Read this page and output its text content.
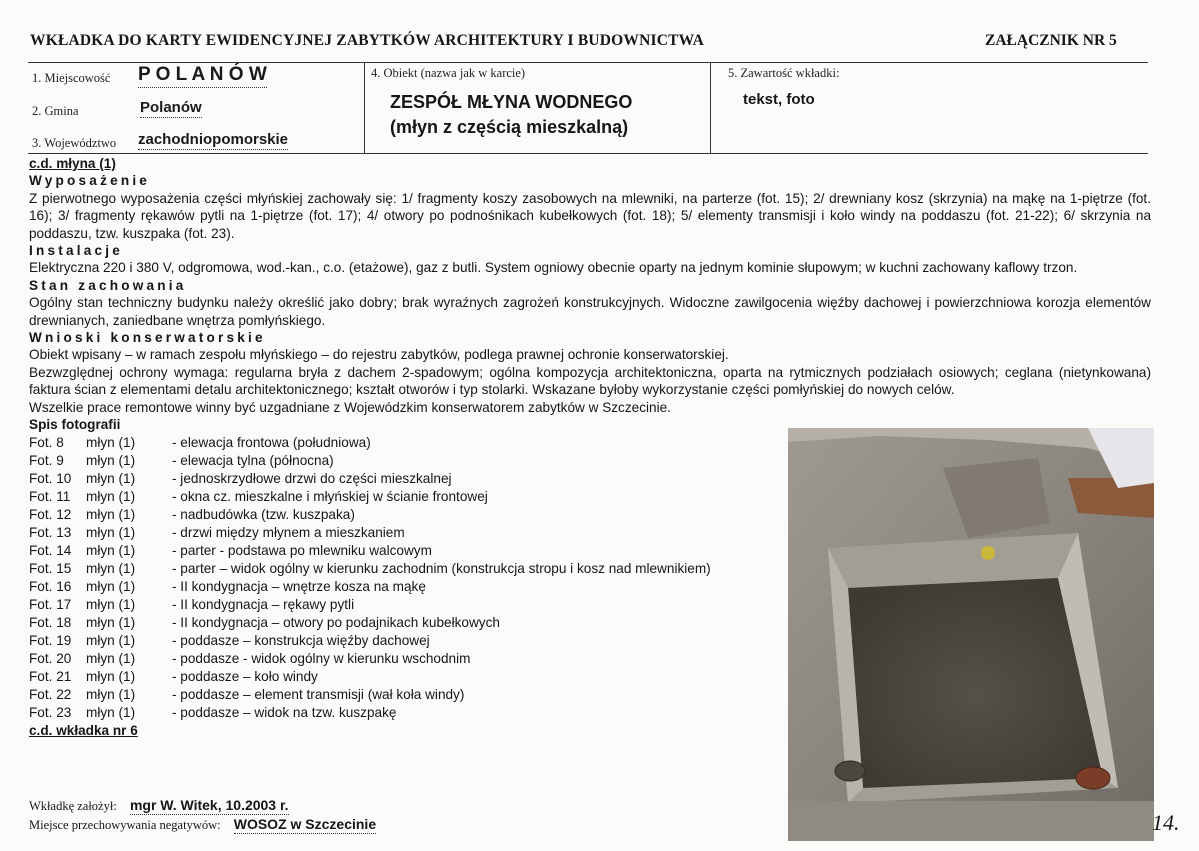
WKŁADKA DO KARTY EWIDENCYJNEJ ZABYTKÓW ARCHITEKTURY I BUDOWNICTWA	ZAŁĄCZNIK NR 5
1. Miejscowość P O L A N Ó W
2. Gmina	Polanów
3. Województwo zachodniopomorskie
4. Obiekt (nazwa jak w karcie)
ZESPÓŁ MŁYNA WODNEGO
(młyn z częścią mieszkalną)
5. Zawartość wkładki:
tekst, foto

c.d. młyna (1)

Wyposażenie

Z pierwotnego wyposażenia części młyńskiej zachowały się: 1/ fragmenty koszy zasobowych na mlewniki, na parterze (fot. 15); 2/ drewniany kosz (skrzynia) na mąkę na 1-piętrze (fot. 16); 3/ fragmenty rękawów pytli na 1-piętrze (fot. 17); 4/ otwory po podnośnikach kubełkowych (fot. 18); 5/ elementy transmisji i koło windy na poddaszu (fot. 21-22); 6/ skrzynia na poddaszu, tzw. kuszpaka (fot. 23).

Instalacje

Elektryczna 220 i 380 V, odgromowa, wod.-kan., c.o. (etażowe), gaz z butli. System ogniowy obecnie oparty na jednym kominie słupowym; w kuchni zachowany kaflowy trzon.

Stan zachowania

Ogólny stan techniczny budynku należy określić jako dobry; brak wyraźnych zagrożeń konstrukcyjnych. Widoczne zawilgocenia więźby dachowej i powierzchniowa korozja elementów drewnianych, zaniedbane wnętrza pomłyńskiego.

Wnioski konserwatorskie

Obiekt wpisany – w ramach zespołu młyńskiego – do rejestru zabytków, podlega prawnej ochronie konserwatorskiej.

Bezwzględnej ochrony wymaga: regularna bryła z dachem 2-spadowym; ogólna kompozycja architektoniczna, oparta na rytmicznych podziałach osiowych; ceglana (nietynkowana) faktura ścian z elementami detalu architektonicznego; kształt otworów i typ stolarki. Wskazane byłoby wykorzystanie części pomłyńskiej do nowych celów.

Wszelkie prace remontowe winny być uzgadniane z Wojewódzkim konserwatorem zabytków w Szczecinie.

Spis fotografii

Fot. 8	młyn (1)	- elewacja frontowa (południowa)
Fot. 9	młyn (1)	- elewacja tylna (północna)
Fot. 10	młyn (1)	- jednoskrzydłowe drzwi do części mieszkalnej
Fot. 11	młyn (1)	- okna cz. mieszkalne i młyńskiej w ścianie frontowej
Fot. 12	młyn (1)	- nadbudówka (tzw. kuszpaka)
Fot. 13	młyn (1)	- drzwi między młynem a mieszkaniem
Fot. 14	młyn (1)	- parter - podstawa po mlewniku walcowym
Fot. 15	młyn (1)	- parter – widok ogólny w kierunku zachodnim (konstrukcja stropu i kosz nad mlewnikiem)
Fot. 16	młyn (1)	- II kondygnacja – wnętrze kosza na mąkę
Fot. 17	młyn (1)	- II kondygnacja – rękawy pytli
Fot. 18	młyn (1)	- II kondygnacja – otwory po podajnikach kubełkowych
Fot. 19	młyn (1)	- poddasze – konstrukcja więźby dachowej
Fot. 20	młyn (1)	- poddasze - widok ogólny w kierunku wschodnim
Fot. 21	młyn (1)	- poddasze – koło windy
Fot. 22	młyn (1)	- poddasze – element transmisji (wał koła windy)
Fot. 23	młyn (1)	- poddasze – widok na tzw. kuszpakę

c.d. wkładka nr 6

Wkładkę założył: mgr W. Witek, 10.2003 r.
Miejsce przechowywania negatywów: WOSOZ w Szczecinie	14.
